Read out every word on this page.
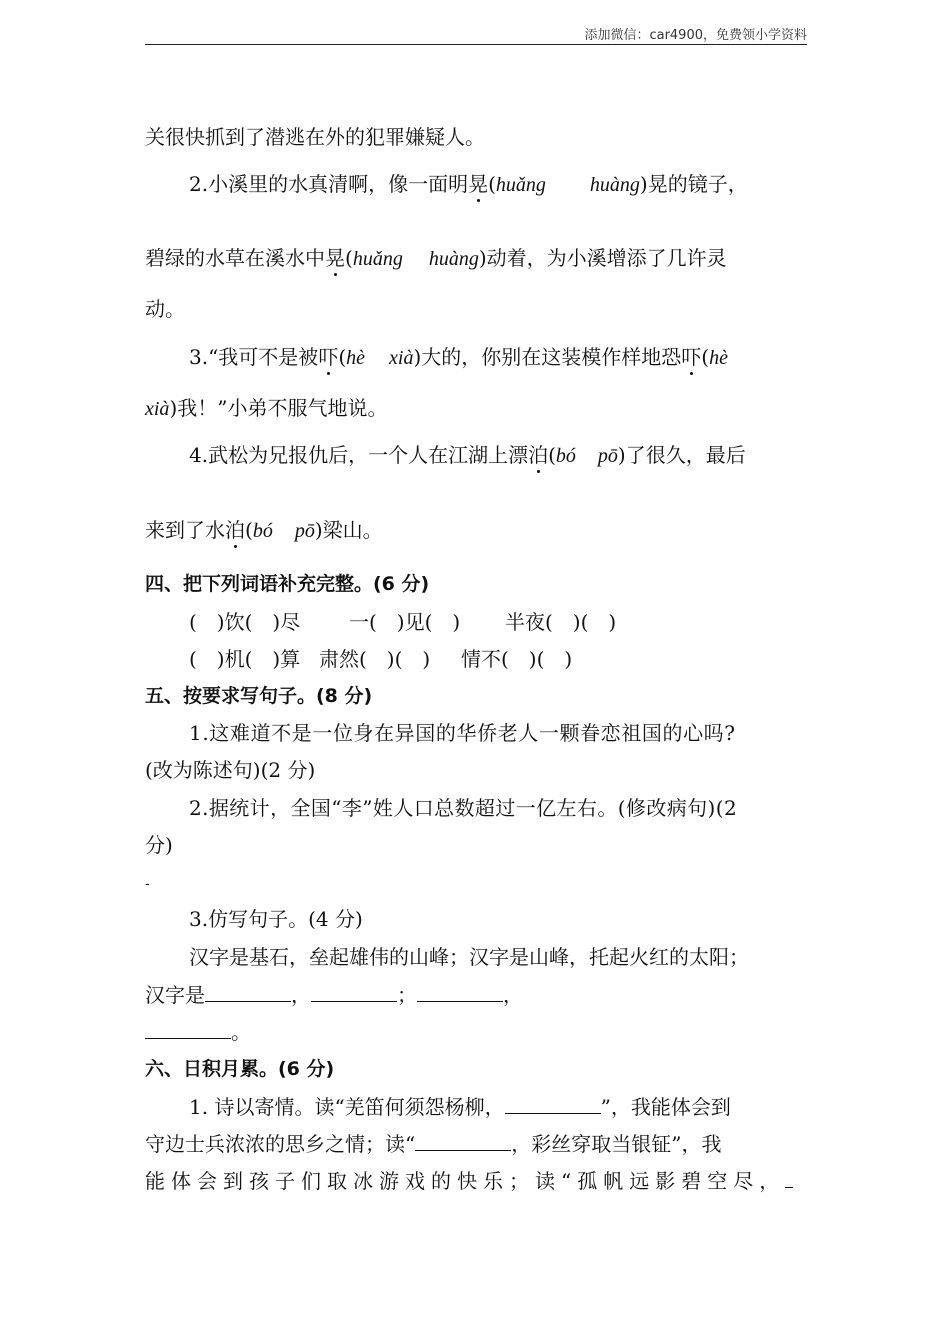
添加微信：car4900，免费领小学资料
关很快抓到了潜逃在外的犯罪嫌疑人。
2.小溪里的水真清啊，像一面明晃(huǎng huàng)晃的镜子，
碧绿的水草在溪水中晃(huǎng huàng)动着，为小溪增添了几许灵
动。
3.“我可不是被吓(hè xià)大的，你别在这装模作样地恐吓(hè
xià)我！”小弟不服气地说。
4.武松为兄报仇后，一个人在江湖上漂泊(bó pō)了很久，最后
来到了水泊(bó pō)梁山。
四、把下列词语补充完整。(6 分)
(　)饮(　)尽 一(　)见(　) 半夜(　)(　)
(　)机(　)算 肃然(　)(　) 情不(　)(　)
五、按要求写句子。(8 分)
1.这难道不是一位身在异国的华侨老人一颗眷恋祖国的心吗?
(改为陈述句)(2 分)
2.据统计，全国“李”姓人口总数超过一亿左右。(修改病句)(2
分)
-
3.仿写句子。(4 分)
汉字是基石，垒起雄伟的山峰；汉字是山峰，托起火红的太阳；
汉字是	，	；	，
。
六、日积月累。(6 分)
1. 诗以寄情。读“羌笛何须怨杨柳，	”，我能体会到
守边士兵浓浓的思乡之情；读“	，彩丝穿取当银钲”，我
能体会到孩子们取冰游戏的快乐；读“孤帆远影碧空尽，
